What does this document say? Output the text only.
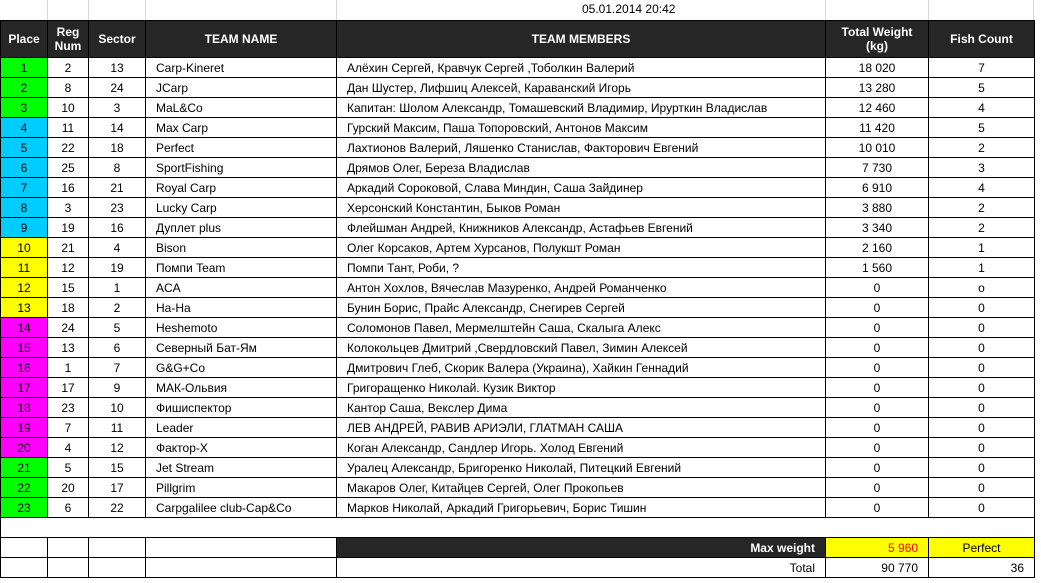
05.01.2014 20:42
Place	Reg Num	Sector	TEAM NAME	TEAM MEMBERS	Total Weight (kg)	Fish Count
1	2	13	Carp-Kineret	Алёхин Сергей, Кравчук Сергей ,Тоболкин Валерий	18 020	7
2	8	24	JCarp	Дан Шустер, Лифшиц Алексей, Караванский Игорь	13 280	5
3	10	3	MaL&Co	Капитан: Шолом Александр, Томашевский Владимир, Ирурткин Владислав	12 460	4
4	11	14	Max Carp	Гурский Максим, Паша Топоровский, Антонов Максим	11 420	5
5	22	18	Perfect	Лахтионов Валерий, Ляшенко Станислав, Факторович Евгений	10 010	2
6	25	8	SportFishing	Дрямов Олег, Береза Владислав	7 730	3
7	16	21	Royal Carp	Аркадий Сороковой, Слава Миндин, Саша Зайдинер	6 910	4
8	3	23	Lucky Carp	Херсонский Константин, Быков Роман	3 880	2
9	19	16	Дуплет plus	Флейшман Андрей, Книжников Александр, Астафьев Евгений	3 340	2
10	21	4	Bison	Олег Корсаков, Артем Хурсанов, Полукшт Роман	2 160	1
11	12	19	Помпи Team	Помпи Тант, Роби, ?	1 560	1
12	15	1	ACA	Антон Хохлов, Вячеслав Мазуренко, Андрей Романченко	0	o
13	18	2	На-На	Бунин Борис, Прайс Александр, Снегирев Сергей	0	0
14	24	5	Heshemoto	Соломонов Павел, Мермелштейн Саша, Скалыга Алекс	0	0
15	13	6	Северный Бат-Ям	Колокольцев Дмитрий ,Свердловский Павел, Зимин Алексей	0	0
16	1	7	G&G+Co	Дмитрович Глеб, Скорик Валера (Украина), Хайкин Геннадий	0	0
17	17	9	МАК-Ольвия	Григоращенко Николай. Кузик Виктор	0	0
18	23	10	Фишиспектор	Кантор Саша, Векслер Дима	0	0
19	7	11	Leader	ЛЕВ АНДРЕЙ, РАВИВ АРИЭЛИ, ГЛАТМАН САША	0	0
20	4	12	Фактор-Х	Коган Александр, Сандлер Игорь. Холод Евгений	0	0
21	5	15	Jet Stream	Уралец Александр, Бригоренко Николай, Питецкий Евгений	0	0
22	20	17	Pillgrim	Макаров Олег, Китайцев Сергей, Олег Прокопьев	0	0
23	6	22	Carpgalilee club-Cap&Co	Марков Николай, Аркадий Григорьевич, Борис Тишин	0	0

				Max weight	5 960	Perfect
				Total	90 770	36
